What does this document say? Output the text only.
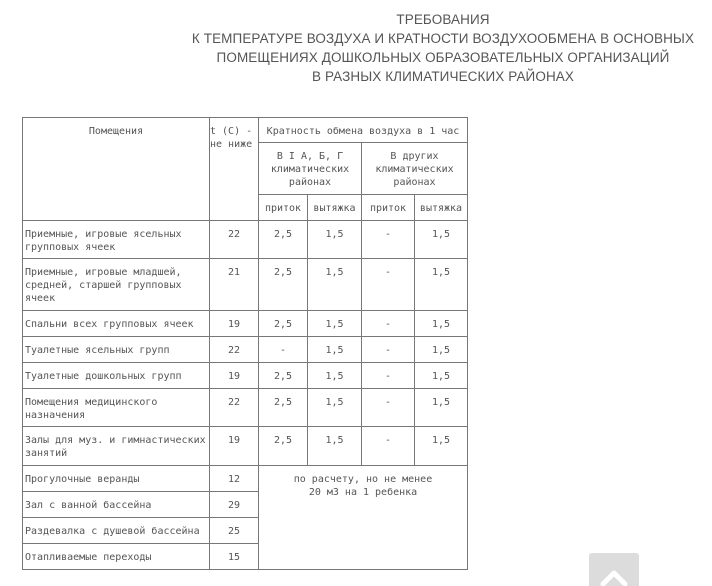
ТРЕБОВАНИЯ
К ТЕМПЕРАТУРЕ ВОЗДУХА И КРАТНОСТИ ВОЗДУХООБМЕНА В ОСНОВНЫХ
ПОМЕЩЕНИЯХ ДОШКОЛЬНЫХ ОБРАЗОВАТЕЛЬНЫХ ОРГАНИЗАЦИЙ
В РАЗНЫХ КЛИМАТИЧЕСКИХ РАЙОНАХ
Помещения	t (С) - не ниже	Кратность обмена воздуха в 1 час			

		В I А, Б, Г климатических районах		В других климатических районах	

		приток	вытяжка	приток	вытяжка

Приемные, игровые ясельных групповых ячеек	22	2,5	1,5	-	1,5

Приемные, игровые младшей, средней, старшей групповых ячеек	21	2,5	1,5	-	1,5

Спальни всех групповых ячеек	19	2,5	1,5	-	1,5

Туалетные ясельных групп	22	-	1,5	-	1,5

Туалетные дошкольных групп	19	2,5	1,5	-	1,5

Помещения медицинского назначения	22	2,5	1,5	-	1,5

Залы для муз. и гимнастических занятий	19	2,5	1,5	-	1,5

Прогулочные веранды	12	по расчету, но не менее 20 м3 на 1 ребенка			

Зал с ванной бассейна	29				

Раздевалка с душевой бассейна	25				

Отапливаемые переходы	15				
